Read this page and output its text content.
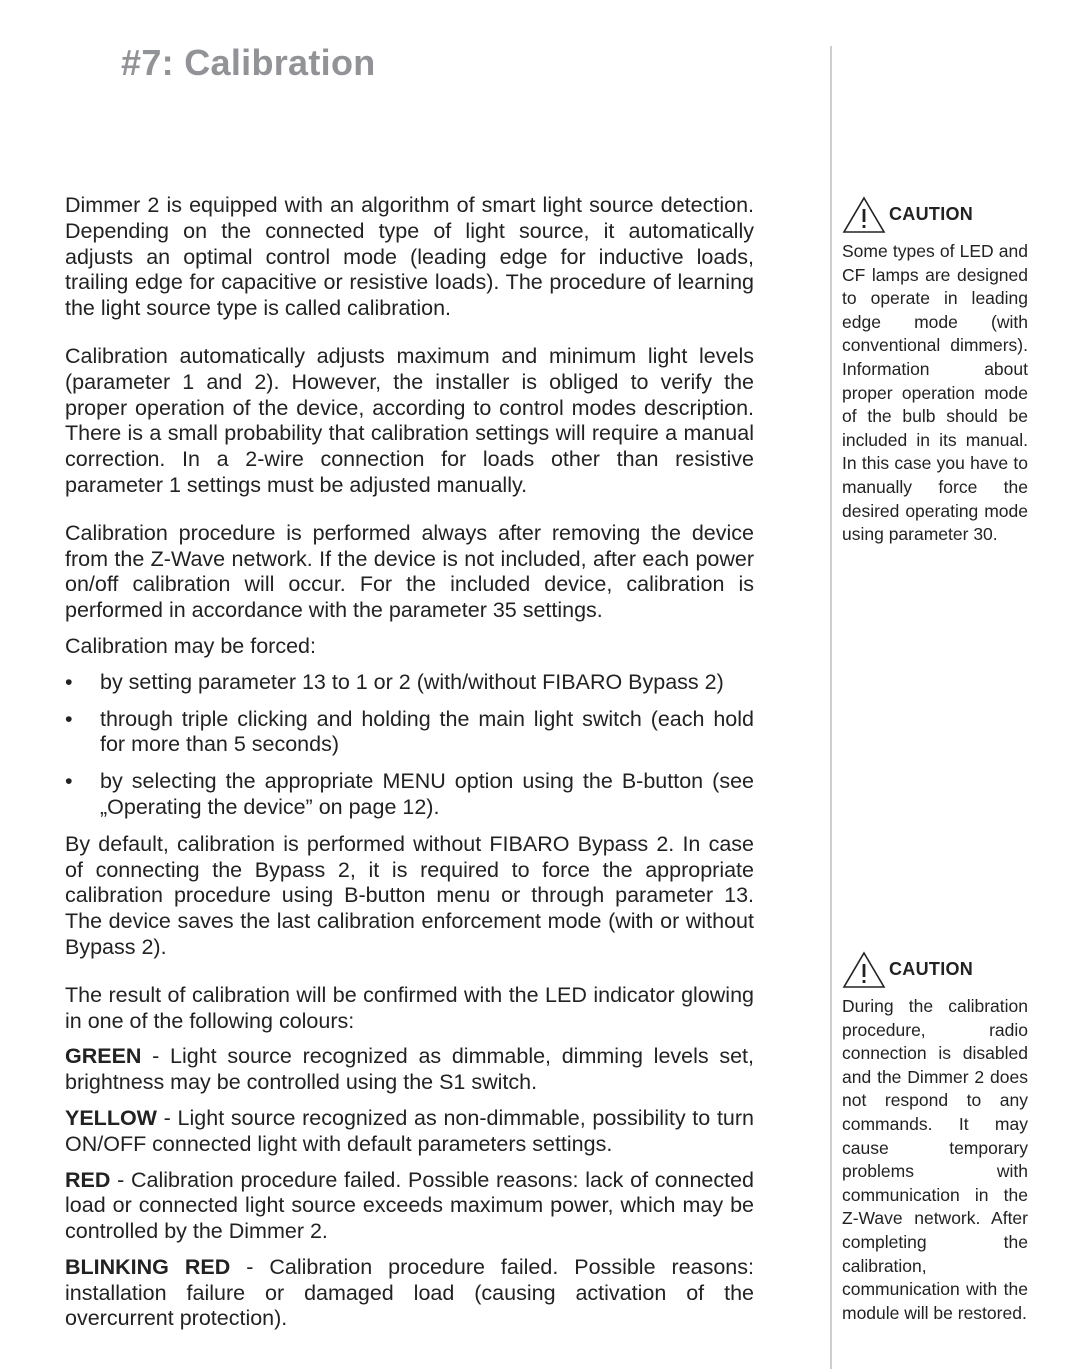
#7: Calibration

Dimmer 2 is equipped with an algorithm of smart light source detection. Depending on the connected type of light source, it automatically adjusts an optimal control mode (leading edge for inductive loads, trailing edge for capacitive or resistive loads). The procedure of learning the light source type is called calibration.

Calibration automatically adjusts maximum and minimum light levels (parameter 1 and 2). However, the installer is obliged to verify the proper operation of the device, according to control modes description. There is a small probability that calibration settings will require a manual correction. In a 2-wire connection for loads other than resistive parameter 1 settings must be adjusted manually.

Calibration procedure is performed always after removing the device from the Z-Wave network. If the device is not included, after each power on/off calibration will occur. For the included device, calibration is performed in accordance with the parameter 35 settings.

Calibration may be forced:

• by setting parameter 13 to 1 or 2 (with/without FIBARO Bypass 2)
• through triple clicking and holding the main light switch (each hold for more than 5 seconds)
• by selecting the appropriate MENU option using the B-button (see „Operating the device” on page 12).

By default, calibration is performed without FIBARO Bypass 2. In case of connecting the Bypass 2, it is required to force the appropriate calibration procedure using B-button menu or through parameter 13. The device saves the last calibration enforcement mode (with or without Bypass 2).

The result of calibration will be confirmed with the LED indicator glowing in one of the following colours:

GREEN - Light source recognized as dimmable, dimming levels set, brightness may be controlled using the S1 switch.

YELLOW - Light source recognized as non-dimmable, possibility to turn ON/OFF connected light with default parameters settings.

RED - Calibration procedure failed. Possible reasons: lack of connected load or connected light source exceeds maximum power, which may be controlled by the Dimmer 2.

BLINKING RED - Calibration procedure failed. Possible reasons: installation failure or damaged load (causing activation of the overcurrent protection).

CAUTION

Some types of LED and CF lamps are designed to operate in leading edge mode (with conventional dimmers). Information about proper operation mode of the bulb should be included in its manual. In this case you have to manually force the desired operating mode using parameter 30.

CAUTION

During the calibration procedure, radio connection is disabled and the Dimmer 2 does not respond to any commands. It may cause temporary problems with communication in the Z-Wave network. After completing the calibration, communication with the module will be restored.
